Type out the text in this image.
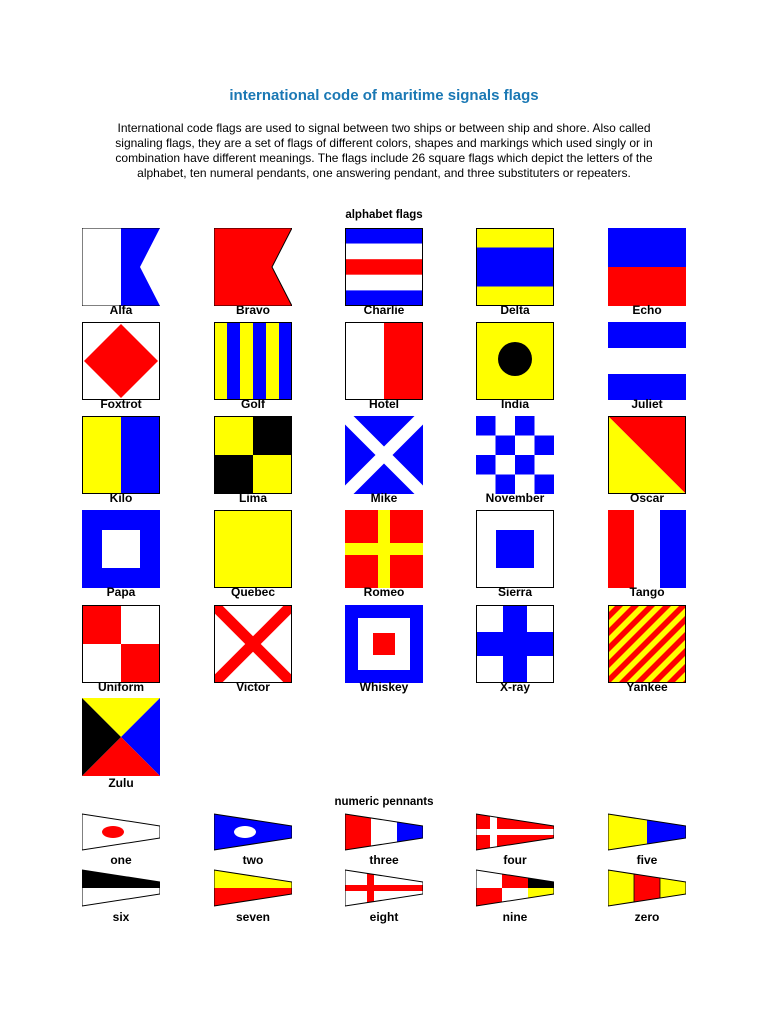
international code of maritime signals flags
International code flags are used to signal between two ships or between ship and shore. Also called signaling flags, they are a set of flags of different colors, shapes and markings which used singly or in combination have different meanings. The flags include 26 square flags which depict the letters of the alphabet, ten numeral pendants, one answering pendant, and three substituters or repeaters.
alphabet flags
Alfa	Bravo	Charlie	Delta	Echo
Foxtrot	Golf	Hotel	India	Juliet
Kilo	Lima	Mike	November	Oscar
Papa	Quebec	Romeo	Sierra	Tango
Uniform	Victor	Whiskey	X-ray	Yankee
Zulu
numeric pennants
one	two	three	four	five
six	seven	eight	nine	zero
